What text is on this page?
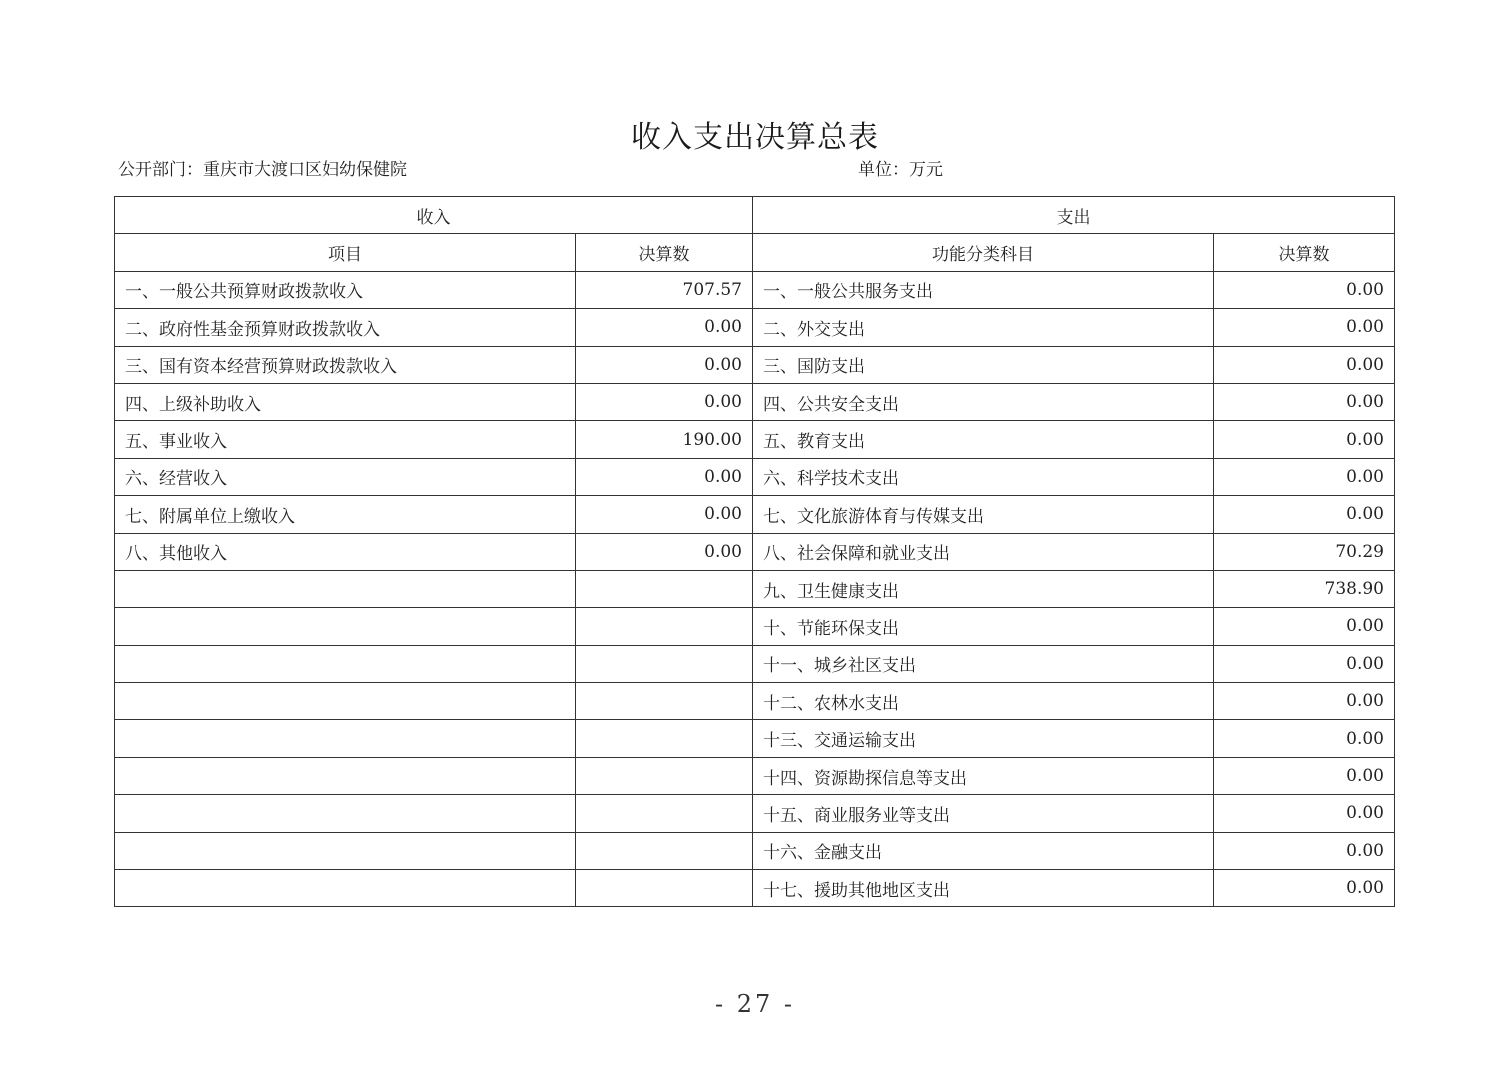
收入支出决算总表
公开部门：重庆市大渡口区妇幼保健院	单位：万元
收入		支出	
项目	决算数	功能分类科目	决算数
一、一般公共预算财政拨款收入	707.57	一、一般公共服务支出	0.00
二、政府性基金预算财政拨款收入	0.00	二、外交支出	0.00
三、国有资本经营预算财政拨款收入	0.00	三、国防支出	0.00
四、上级补助收入	0.00	四、公共安全支出	0.00
五、事业收入	190.00	五、教育支出	0.00
六、经营收入	0.00	六、科学技术支出	0.00
七、附属单位上缴收入	0.00	七、文化旅游体育与传媒支出	0.00
八、其他收入	0.00	八、社会保障和就业支出	70.29
		九、卫生健康支出	738.90
		十、节能环保支出	0.00
		十一、城乡社区支出	0.00
		十二、农林水支出	0.00
		十三、交通运输支出	0.00
		十四、资源勘探信息等支出	0.00
		十五、商业服务业等支出	0.00
		十六、金融支出	0.00
		十七、援助其他地区支出	0.00
- 27 -
